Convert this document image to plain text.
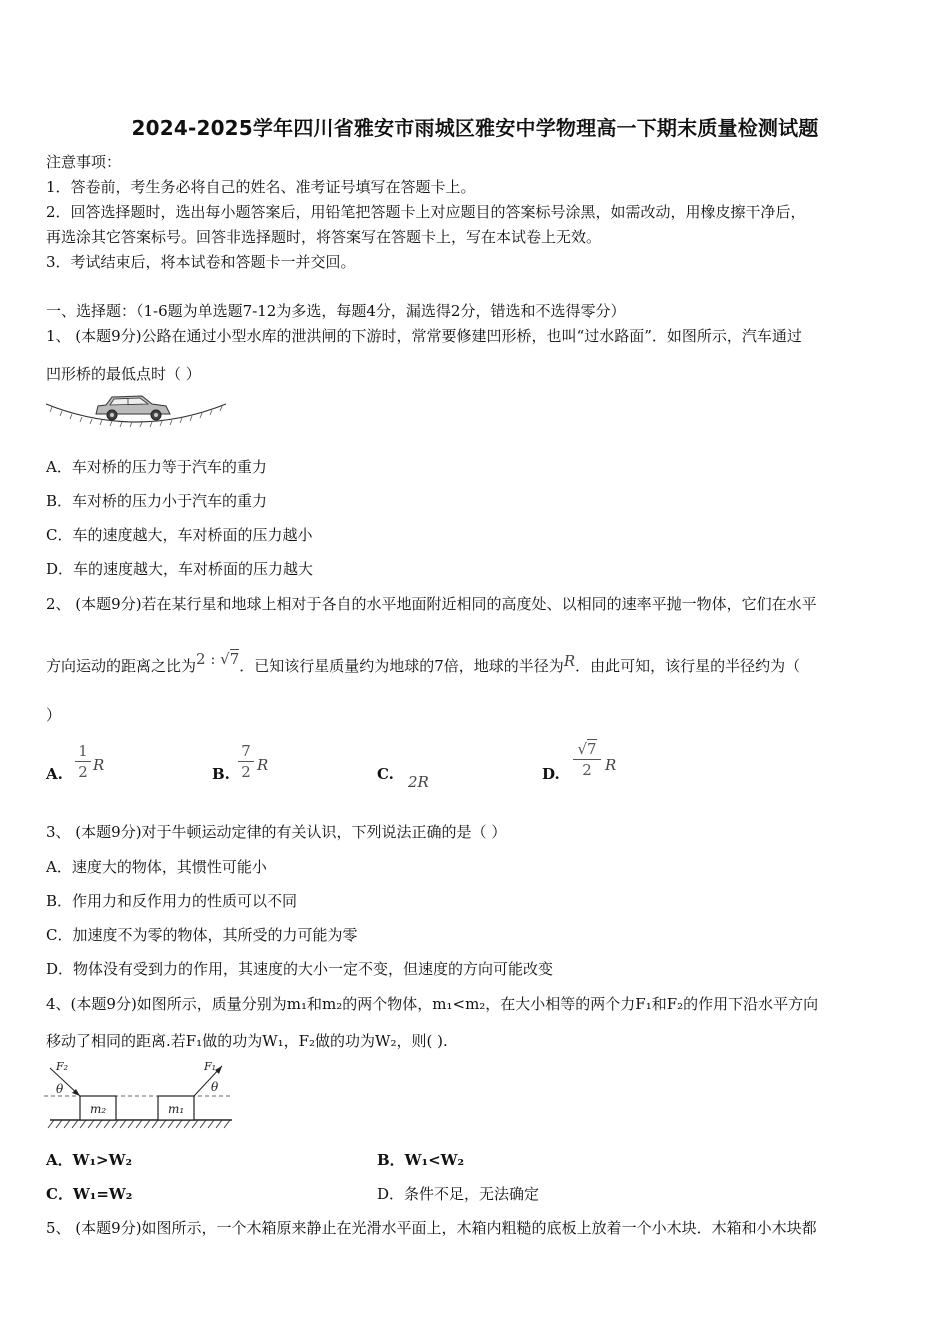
2024-2025学年四川省雅安市雨城区雅安中学物理高一下期末质量检测试题
注意事项：
1．答卷前，考生务必将自己的姓名、准考证号填写在答题卡上。
2．回答选择题时，选出每小题答案后，用铅笔把答题卡上对应题目的答案标号涂黑，如需改动，用橡皮擦干净后，
再选涂其它答案标号。回答非选择题时，将答案写在答题卡上，写在本试卷上无效。
3．考试结束后，将本试卷和答题卡一并交回。
一、选择题：（1-6题为单选题7-12为多选，每题4分，漏选得2分，错选和不选得零分）
1、 (本题9分)公路在通过小型水库的泄洪闸的下游时，常常要修建凹形桥，也叫“过水路面”．如图所示，汽车通过
凹形桥的最低点时（ ）
A．车对桥的压力等于汽车的重力
B．车对桥的压力小于汽车的重力
C．车的速度越大，车对桥面的压力越小
D．车的速度越大，车对桥面的压力越大
2、 (本题9分)若在某行星和地球上相对于各自的水平地面附近相同的高度处、以相同的速率平抛一物体，它们在水平
方向运动的距离之比为2 : √7．已知该行星质量约为地球的7倍，地球的半径为R．由此可知，该行星的半径约为（
）
A.
1
2 R	B.
7
2 R	C. 2R	D.
√7
2 R
3、 (本题9分)对于牛顿运动定律的有关认识，下列说法正确的是（ ）
A．速度大的物体，其惯性可能小
B．作用力和反作用力的性质可以不同
C．加速度不为零的物体，其所受的力可能为零
D．物体没有受到力的作用，其速度的大小一定不变，但速度的方向可能改变
4、(本题9分)如图所示，质量分别为m₁和m₂的两个物体，m₁<m₂，在大小相等的两个力F₁和F₂的作用下沿水平方向
移动了相同的距离.若F₁做的功为W₁，F₂做的功为W₂，则( ).
m₂	m₁
F₂
θ
F₁
θ
A．W₁>W₂	B．W₁<W₂
C．W₁=W₂	D．条件不足，无法确定
5、 (本题9分)如图所示，一个木箱原来静止在光滑水平面上，木箱内粗糙的底板上放着一个小木块．木箱和小木块都
